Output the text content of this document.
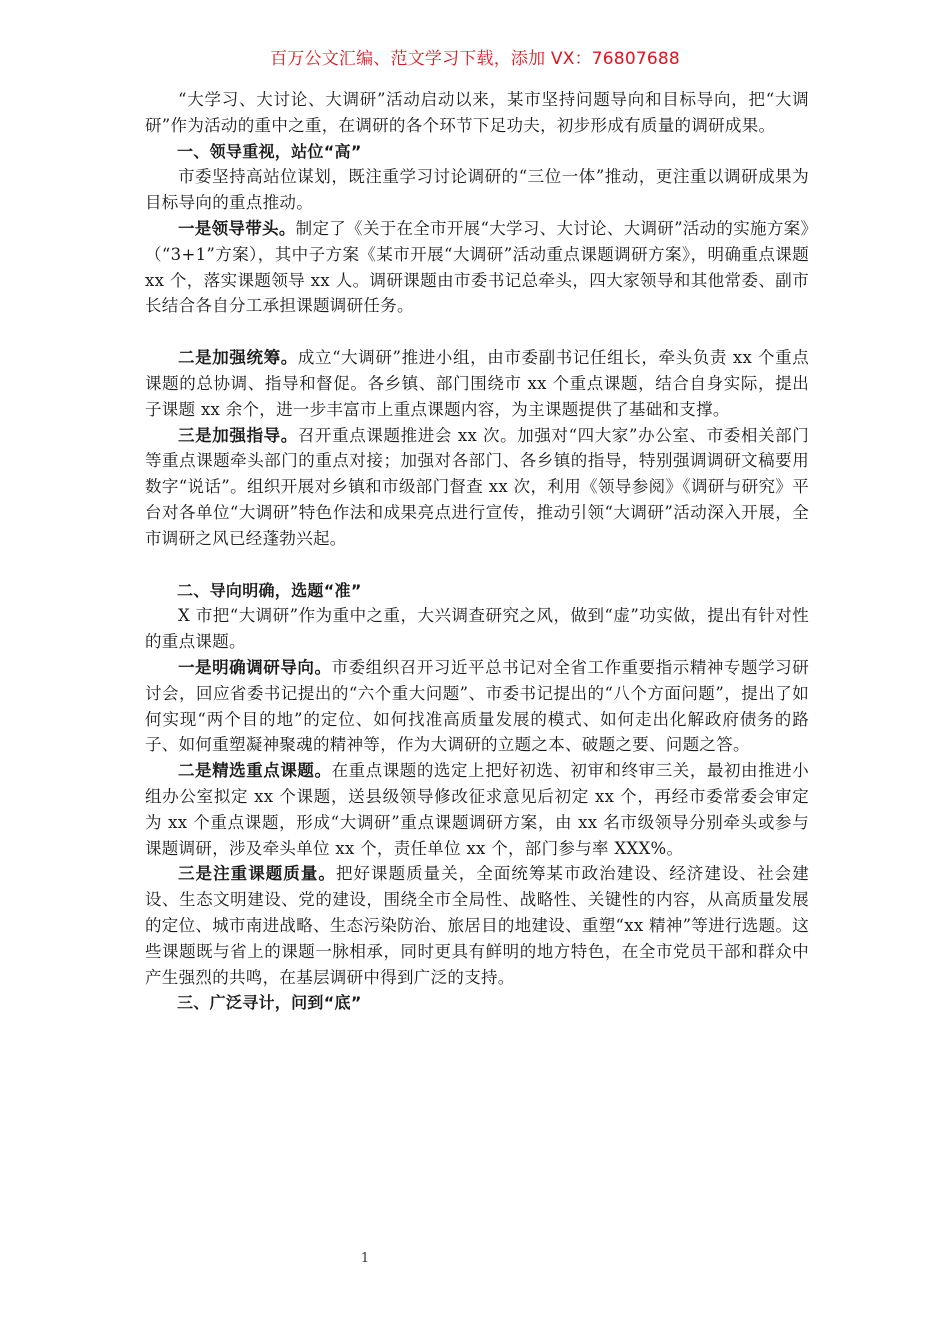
百万公文汇编、范文学习下载，添加 VX：76807688

“大学习、大讨论、大调研”活动启动以来，某市坚持问题导向和目标导向，把“大调研”作为活动的重中之重，在调研的各个环节下足功夫，初步形成有质量的调研成果。

一、领导重视，站位“高”

市委坚持高站位谋划，既注重学习讨论调研的“三位一体”推动，更注重以调研成果为目标导向的重点推动。

一是领导带头。制定了《关于在全市开展“大学习、大讨论、大调研”活动的实施方案》（“3+1”方案），其中子方案《某市开展“大调研”活动重点课题调研方案》，明确重点课题 xx 个，落实课题领导 xx 人。调研课题由市委书记总牵头，四大家领导和其他常委、副市长结合各自分工承担课题调研任务。

二是加强统筹。成立“大调研”推进小组，由市委副书记任组长，牵头负责 xx 个重点课题的总协调、指导和督促。各乡镇、部门围绕市 xx 个重点课题，结合自身实际，提出子课题 xx 余个，进一步丰富市上重点课题内容，为主课题提供了基础和支撑。

三是加强指导。召开重点课题推进会 xx 次。加强对“四大家”办公室、市委相关部门等重点课题牵头部门的重点对接；加强对各部门、各乡镇的指导，特别强调调研文稿要用数字“说话”。组织开展对乡镇和市级部门督查 xx 次，利用《领导参阅》《调研与研究》平台对各单位“大调研”特色作法和成果亮点进行宣传，推动引领“大调研”活动深入开展，全市调研之风已经蓬勃兴起。

二、导向明确，选题“准”

X 市把“大调研”作为重中之重，大兴调查研究之风，做到“虚”功实做，提出有针对性的重点课题。

一是明确调研导向。市委组织召开习近平总书记对全省工作重要指示精神专题学习研讨会，回应省委书记提出的“六个重大问题”、市委书记提出的“八个方面问题”，提出了如何实现“两个目的地”的定位、如何找准高质量发展的模式、如何走出化解政府债务的路子、如何重塑凝神聚魂的精神等，作为大调研的立题之本、破题之要、问题之答。

二是精选重点课题。在重点课题的选定上把好初选、初审和终审三关，最初由推进小组办公室拟定 xx 个课题，送县级领导修改征求意见后初定 xx 个，再经市委常委会审定为 xx 个重点课题，形成“大调研”重点课题调研方案，由 xx 名市级领导分别牵头或参与课题调研，涉及牵头单位 xx 个，责任单位 xx 个，部门参与率 XXX%。

三是注重课题质量。把好课题质量关，全面统筹某市政治建设、经济建设、社会建设、生态文明建设、党的建设，围绕全市全局性、战略性、关键性的内容，从高质量发展的定位、城市南进战略、生态污染防治、旅居目的地建设、重塑“xx 精神”等进行选题。这些课题既与省上的课题一脉相承，同时更具有鲜明的地方特色，在全市党员干部和群众中产生强烈的共鸣，在基层调研中得到广泛的支持。

三、广泛寻计，问到“底”

1
